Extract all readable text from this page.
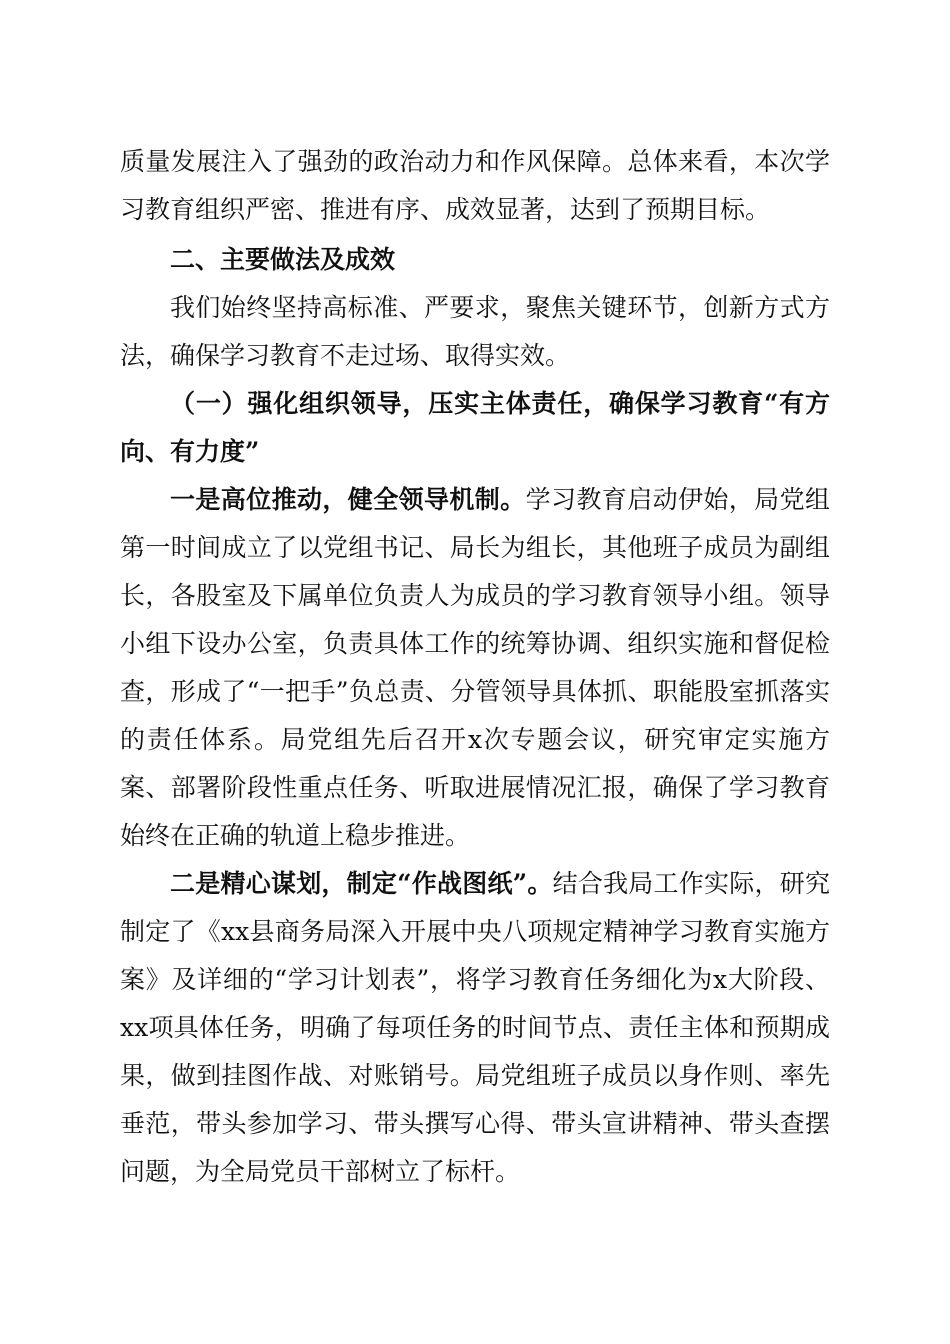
质量发展注入了强劲的政治动力和作风保障。总体来看，本次学习教育组织严密、推进有序、成效显著，达到了预期目标。

二、主要做法及成效

我们始终坚持高标准、严要求，聚焦关键环节，创新方式方法，确保学习教育不走过场、取得实效。

（一）强化组织领导，压实主体责任，确保学习教育“有方向、有力度”

一是高位推动，健全领导机制。学习教育启动伊始，局党组第一时间成立了以党组书记、局长为组长，其他班子成员为副组长，各股室及下属单位负责人为成员的学习教育领导小组。领导小组下设办公室，负责具体工作的统筹协调、组织实施和督促检查，形成了“一把手”负总责、分管领导具体抓、职能股室抓落实的责任体系。局党组先后召开x次专题会议，研究审定实施方案、部署阶段性重点任务、听取进展情况汇报，确保了学习教育始终在正确的轨道上稳步推进。

二是精心谋划，制定“作战图纸”。结合我局工作实际，研究制定了《xx县商务局深入开展中央八项规定精神学习教育实施方案》及详细的“学习计划表”，将学习教育任务细化为x大阶段、xx项具体任务，明确了每项任务的时间节点、责任主体和预期成果，做到挂图作战、对账销号。局党组班子成员以身作则、率先垂范，带头参加学习、带头撰写心得、带头宣讲精神、带头查摆问题，为全局党员干部树立了标杆。
